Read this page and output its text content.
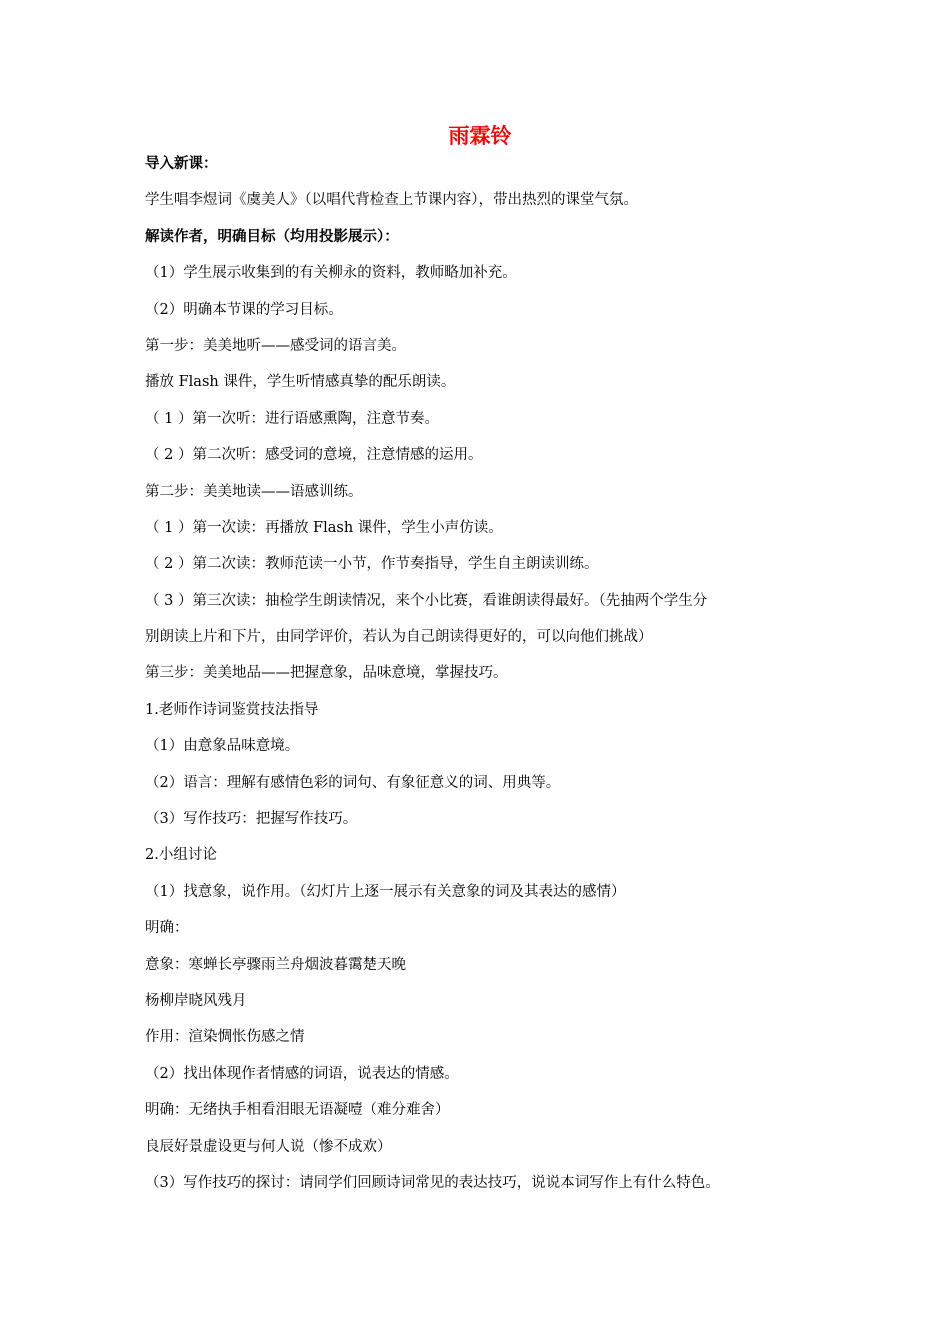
雨霖铃

导入新课：

学生唱李煜词《虞美人》（以唱代背检查上节课内容），带出热烈的课堂气氛。

解读作者，明确目标（均用投影展示）：

（1）学生展示收集到的有关柳永的资料，教师略加补充。

（2）明确本节课的学习目标。

第一步：美美地听——感受词的语言美。

播放 Flash 课件，学生听情感真挚的配乐朗读。

（ 1 ）第一次听：进行语感熏陶，注意节奏。

（ 2 ）第二次听：感受词的意境，注意情感的运用。

第二步：美美地读——语感训练。

（ 1 ）第一次读：再播放 Flash 课件，学生小声仿读。

（ 2 ）第二次读：教师范读一小节，作节奏指导，学生自主朗读训练。

（ 3 ）第三次读：抽检学生朗读情况，来个小比赛，看谁朗读得最好。（先抽两个学生分

别朗读上片和下片，由同学评价，若认为自己朗读得更好的，可以向他们挑战）

第三步：美美地品——把握意象，品味意境，掌握技巧。

1.老师作诗词鉴赏技法指导

（1）由意象品味意境。

（2）语言：理解有感情色彩的词句、有象征意义的词、用典等。

（3）写作技巧：把握写作技巧。

2.小组讨论

（1）找意象，说作用。（幻灯片上逐一展示有关意象的词及其表达的感情）

明确：

意象：寒蝉长亭骤雨兰舟烟波暮霭楚天晚

杨柳岸晓风残月

作用：渲染惆怅伤感之情

（2）找出体现作者情感的词语，说表达的情感。

明确：无绪执手相看泪眼无语凝噎（难分难舍）

良辰好景虚设更与何人说（惨不成欢）

（3）写作技巧的探讨：请同学们回顾诗词常见的表达技巧，说说本词写作上有什么特色。
